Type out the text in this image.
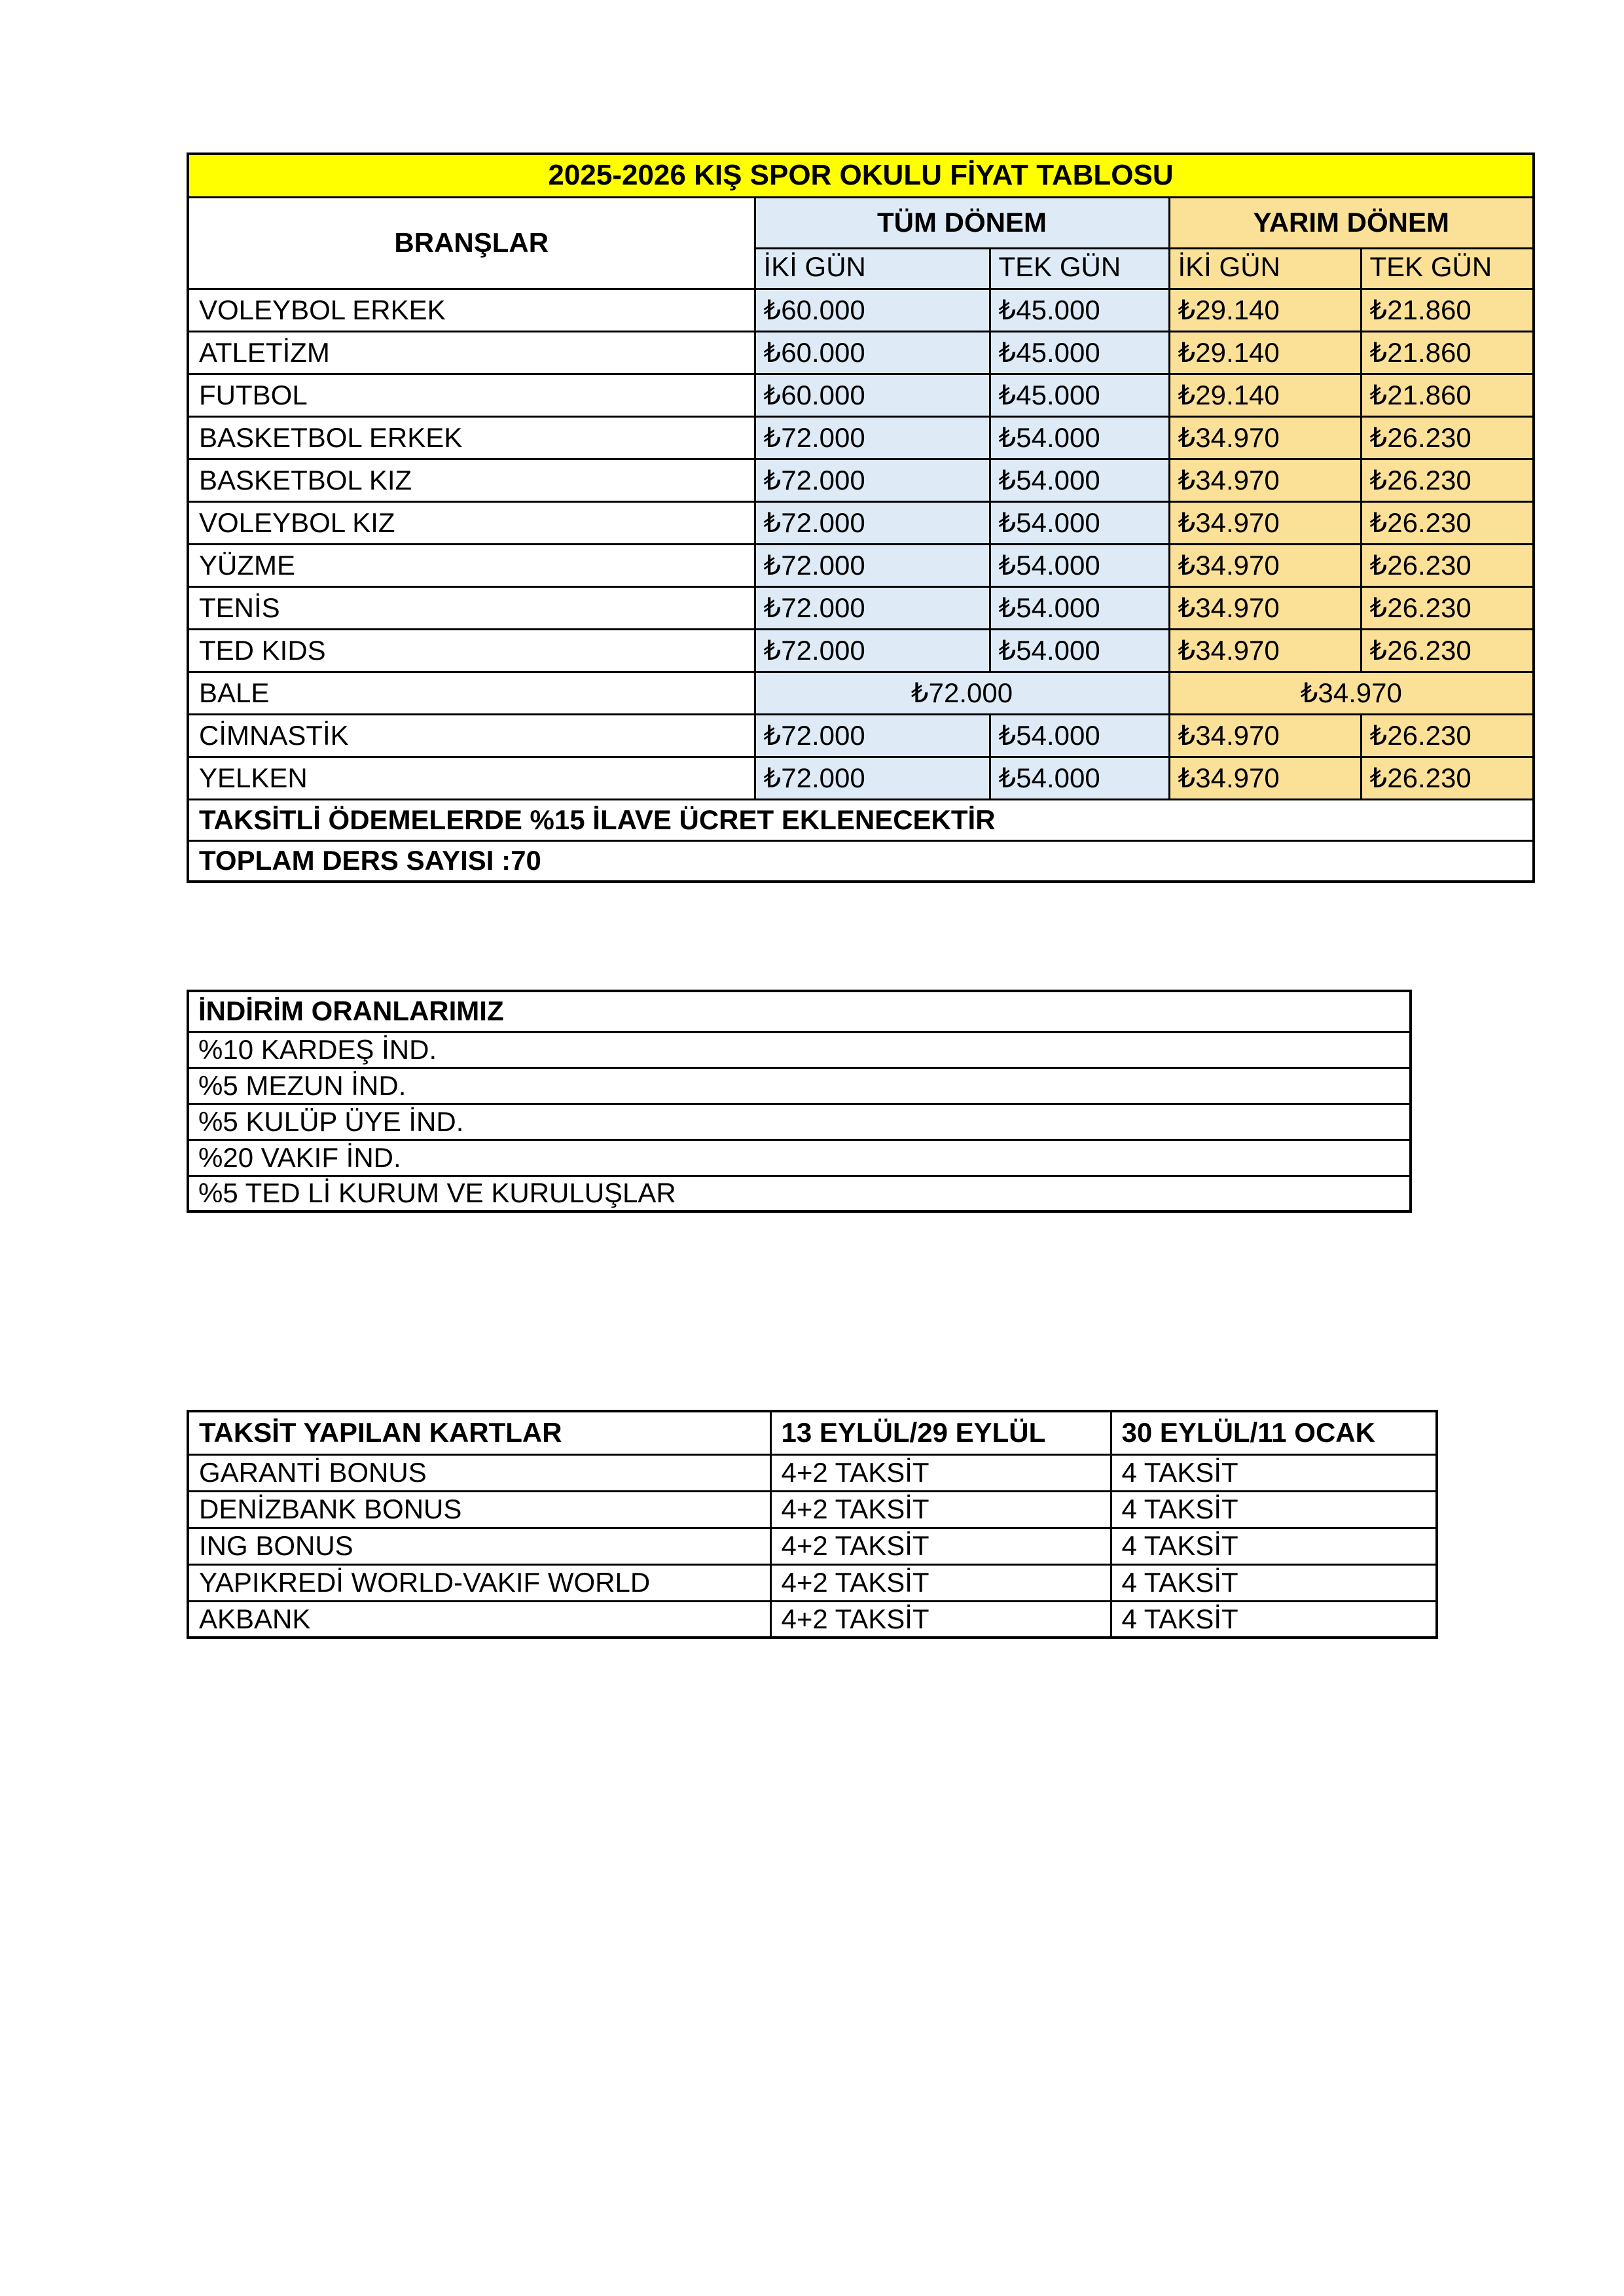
2025-2026 KIŞ SPOR OKULU FİYAT TABLOSU				
BRANŞLAR	TÜM DÖNEM		YARIM DÖNEM	
	İKİ GÜN	TEK GÜN	İKİ GÜN	TEK GÜN
VOLEYBOL ERKEK	₺60.000	₺45.000	₺29.140	₺21.860
ATLETİZM	₺60.000	₺45.000	₺29.140	₺21.860
FUTBOL	₺60.000	₺45.000	₺29.140	₺21.860
BASKETBOL ERKEK	₺72.000	₺54.000	₺34.970	₺26.230
BASKETBOL KIZ	₺72.000	₺54.000	₺34.970	₺26.230
VOLEYBOL KIZ	₺72.000	₺54.000	₺34.970	₺26.230
YÜZME	₺72.000	₺54.000	₺34.970	₺26.230
TENİS	₺72.000	₺54.000	₺34.970	₺26.230
TED KIDS	₺72.000	₺54.000	₺34.970	₺26.230
BALE	₺72.000		₺34.970	
CİMNASTİK	₺72.000	₺54.000	₺34.970	₺26.230
YELKEN	₺72.000	₺54.000	₺34.970	₺26.230
TAKSİTLİ ÖDEMELERDE %15 İLAVE ÜCRET EKLENECEKTİR				
TOPLAM DERS SAYISI :70				
İNDİRİM ORANLARIMIZ
%10 KARDEŞ İND.
%5 MEZUN İND.
%5 KULÜP ÜYE İND.
%20 VAKIF İND.
%5 TED Lİ KURUM VE KURULUŞLAR
TAKSİT YAPILAN KARTLAR	13 EYLÜL/29 EYLÜL	30 EYLÜL/11 OCAK
GARANTİ BONUS	4+2 TAKSİT	4 TAKSİT
DENİZBANK BONUS	4+2 TAKSİT	4 TAKSİT
ING BONUS	4+2 TAKSİT	4 TAKSİT
YAPIKREDİ WORLD-VAKIF WORLD	4+2 TAKSİT	4 TAKSİT
AKBANK	4+2 TAKSİT	4 TAKSİT
